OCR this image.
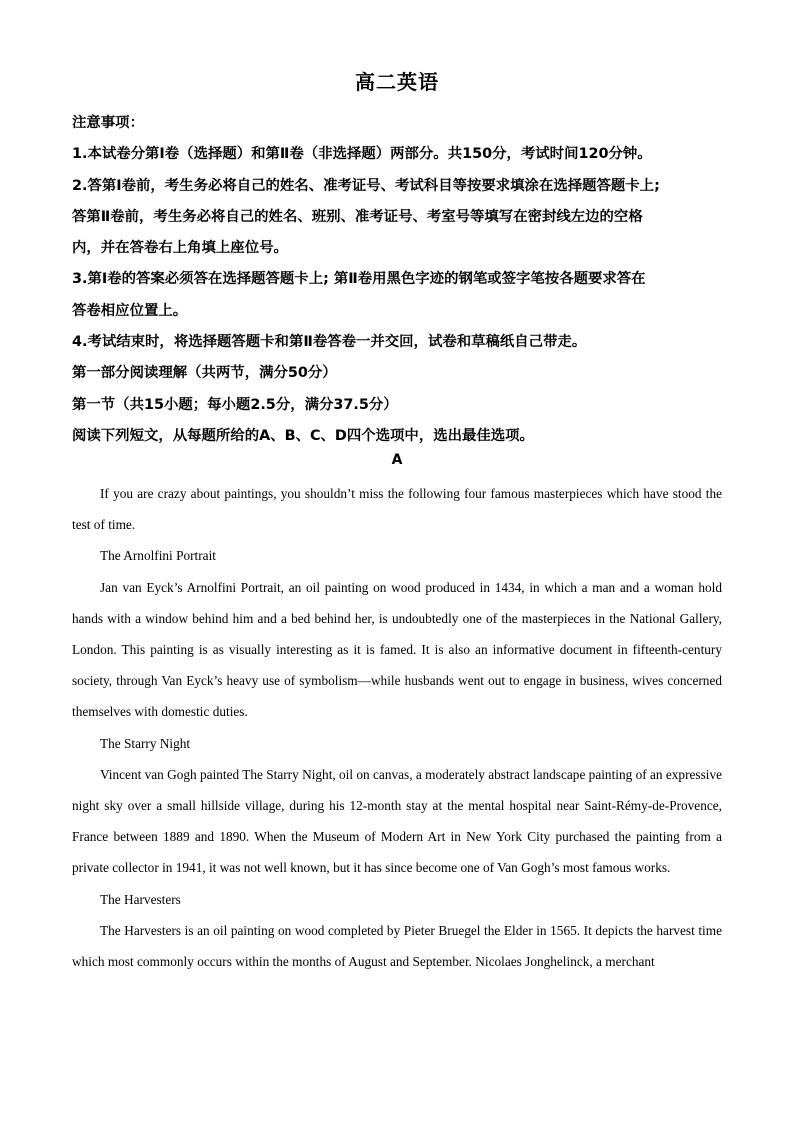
高二英语

注意事项：

1.本试卷分第Ⅰ卷（选择题）和第Ⅱ卷（非选择题）两部分。共150分，考试时间120分钟。

2.答第Ⅰ卷前，考生务必将自己的姓名、准考证号、考试科目等按要求填涂在选择题答题卡上;

答第Ⅱ卷前，考生务必将自己的姓名、班别、准考证号、考室号等填写在密封线左边的空格

内，并在答卷右上角填上座位号。

3.第Ⅰ卷的答案必须答在选择题答题卡上; 第Ⅱ卷用黑色字迹的钢笔或签字笔按各题要求答在

答卷相应位置上。

4.考试结束时，将选择题答题卡和第Ⅱ卷答卷一并交回，试卷和草稿纸自己带走。

第一部分阅读理解（共两节，满分50分）

第一节（共15小题；每小题2.5分，满分37.5分）

阅读下列短文，从每题所给的A、B、C、D四个选项中，选出最佳选项。

A

If you are crazy about paintings, you shouldn’t miss the following four famous masterpieces which have stood the test of time.

The Arnolfini Portrait

Jan van Eyck’s Arnolfini Portrait, an oil painting on wood produced in 1434, in which a man and a woman hold hands with a window behind him and a bed behind her, is undoubtedly one of the masterpieces in the National Gallery, London. This painting is as visually interesting as it is famed. It is also an informative document in fifteenth-century society, through Van Eyck’s heavy use of symbolism—while husbands went out to engage in business, wives concerned themselves with domestic duties.

The Starry Night

Vincent van Gogh painted The Starry Night, oil on canvas, a moderately abstract landscape painting of an expressive night sky over a small hillside village, during his 12-month stay at the mental hospital near Saint-Rémy-de-Provence, France between 1889 and 1890. When the Museum of Modern Art in New York City purchased the painting from a private collector in 1941, it was not well known, but it has since become one of Van Gogh’s most famous works.

The Harvesters

The Harvesters is an oil painting on wood completed by Pieter Bruegel the Elder in 1565. It depicts the harvest time which most commonly occurs within the months of August and September. Nicolaes Jonghelinck, a merchant
